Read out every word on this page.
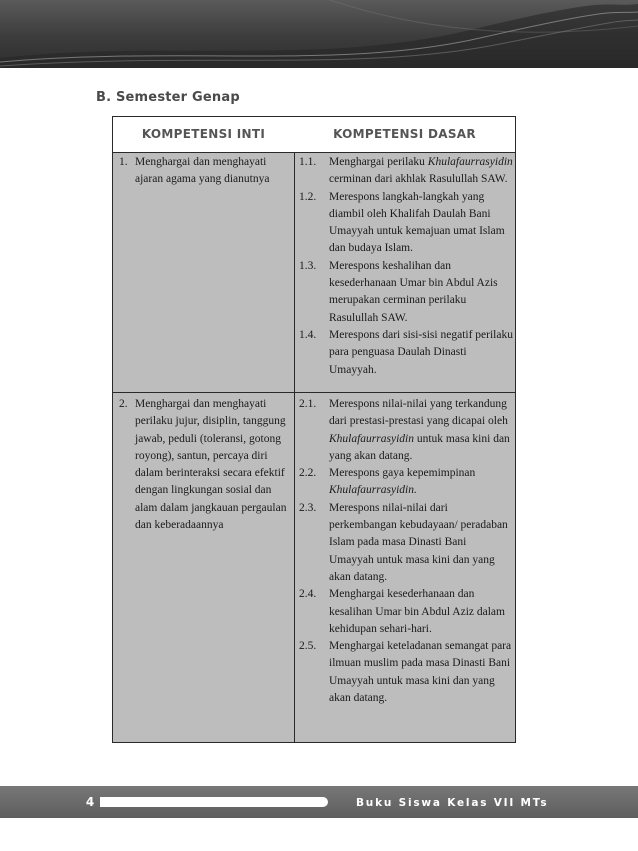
B. Semester Genap
KOMPETENSI INTI	KOMPETENSI DASAR
1. Menghargai dan menghayati ajaran agama yang dianutnya
1.1. Menghargai perilaku Khulafaurrasyidin cerminan dari akhlak Rasulullah SAW.
1.2. Merespons langkah-langkah yang diambil oleh Khalifah Daulah Bani Umayyah untuk kemajuan umat Islam dan budaya Islam.
1.3. Merespons keshalihan dan kesederhanaan Umar bin Abdul Azis merupakan cerminan perilaku Rasulullah SAW.
1.4. Merespons dari sisi-sisi negatif perilaku para penguasa Daulah Dinasti Umayyah.
2. Menghargai dan menghayati perilaku jujur, disiplin, tanggung jawab, peduli (toleransi, gotong royong), santun, percaya diri dalam berinteraksi secara efektif dengan lingkungan sosial dan alam dalam jangkauan pergaulan dan keberadaannya
2.1. Merespons nilai-nilai yang terkandung dari prestasi-prestasi yang dicapai oleh Khulafaurrasyidin untuk masa kini dan yang akan datang.
2.2. Merespons gaya kepemimpinan Khulafaurrasyidin.
2.3. Merespons nilai-nilai dari perkembangan kebudayaan/ peradaban Islam pada masa Dinasti Bani Umayyah untuk masa kini dan yang akan datang.
2.4. Menghargai kesederhanaan dan kesalihan Umar bin Abdul Aziz dalam kehidupan sehari-hari.
2.5. Menghargai keteladanan semangat para ilmuan muslim pada masa Dinasti Bani Umayyah untuk masa kini dan yang akan datang.
4	Buku Siswa Kelas VII MTs
